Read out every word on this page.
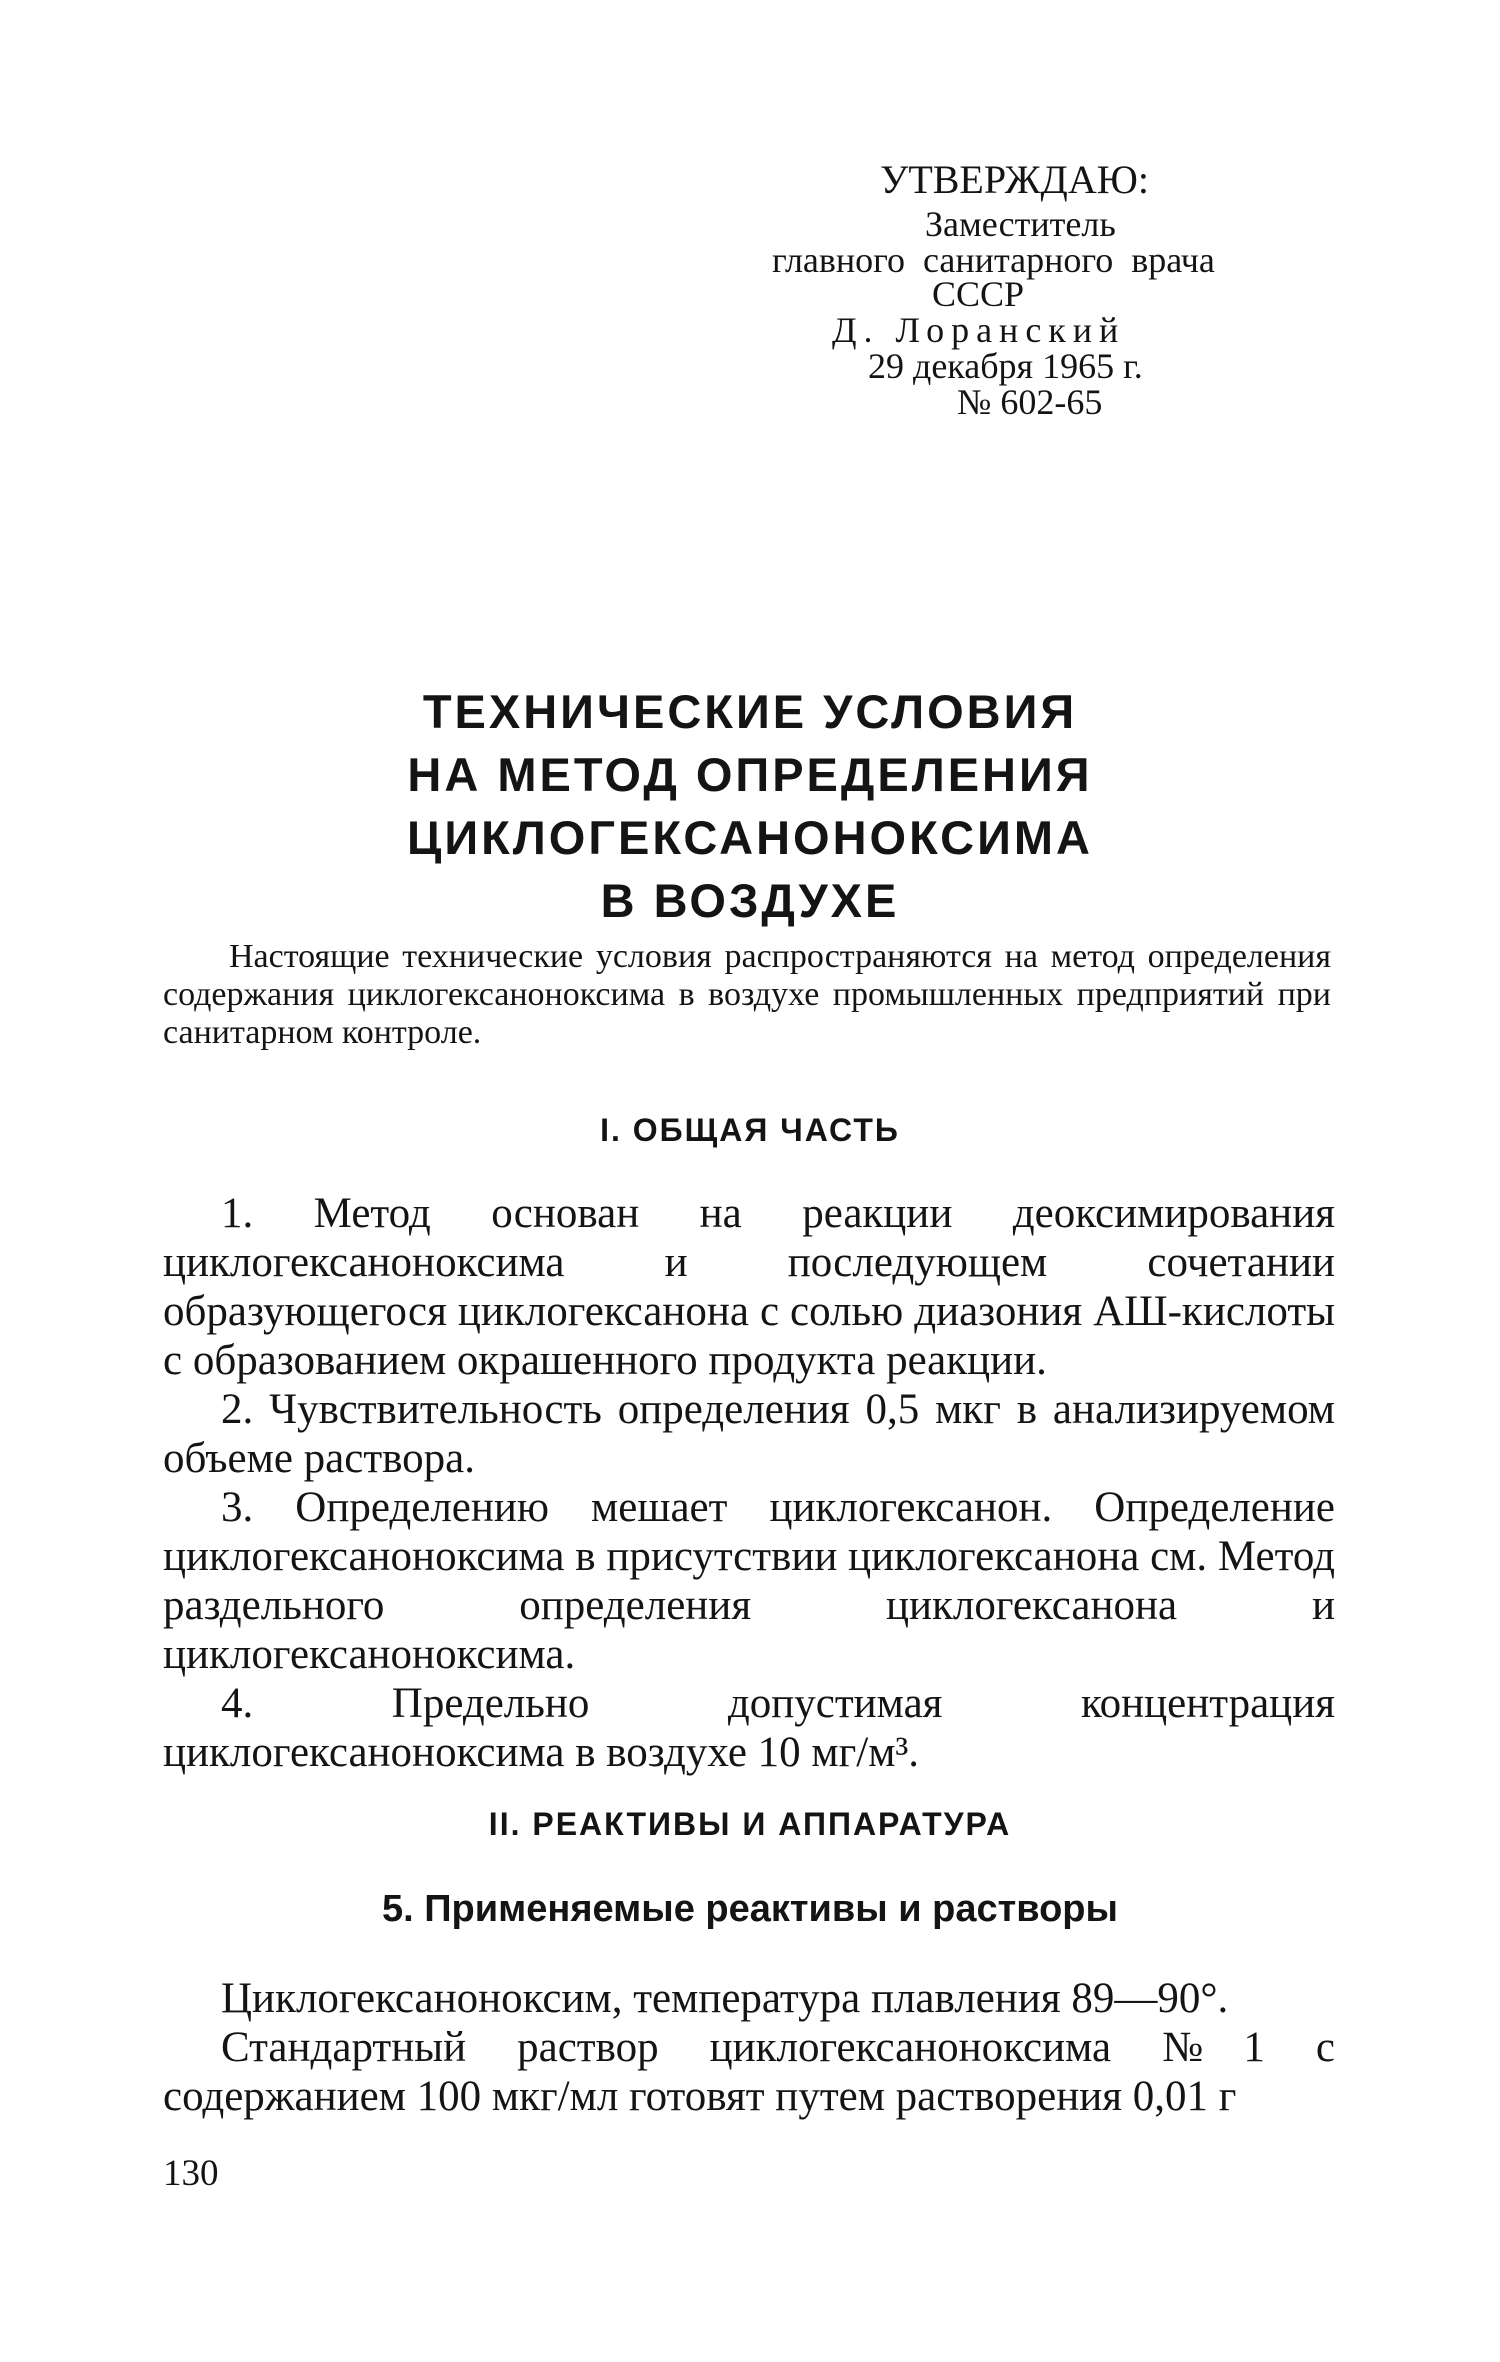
УТВЕРЖДАЮ:
Заместитель
главного  санитарного  врача
СССР
Д. Лоранский
29 декабря 1965 г.
№ 602-65
ТЕХНИЧЕСКИЕ УСЛОВИЯ
НА МЕТОД ОПРЕДЕЛЕНИЯ
ЦИКЛОГЕКСАНОНОКСИМА
В ВОЗДУХЕ
Настоящие технические условия распространяются на метод определения содержания циклогексаноноксима в воздухе промышленных предприятий при санитарном контроле.
I. ОБЩАЯ ЧАСТЬ

1. Метод основан на реакции деоксимирования циклогексаноноксима и последующем сочетании образующегося циклогексанона с солью диазония АШ-кислоты с образованием окрашенного продукта реакции.

2. Чувствительность определения 0,5 мкг в анализируемом объеме раствора.

3. Определению мешает циклогексанон. Определение циклогексаноноксима в присутствии циклогексанона см. Метод раздельного определения циклогексанона и циклогексаноноксима.

4. Предельно допустимая концентрация циклогексаноноксима в воздухе 10 мг/м³.

II. РЕАКТИВЫ И АППАРАТУРА
5. Применяемые реактивы и растворы

Циклогексаноноксим, температура плавления 89—90°.

Стандартный раствор циклогексаноноксима №1 с содержанием 100 мкг/мл готовят путем растворения 0,01 г

130
